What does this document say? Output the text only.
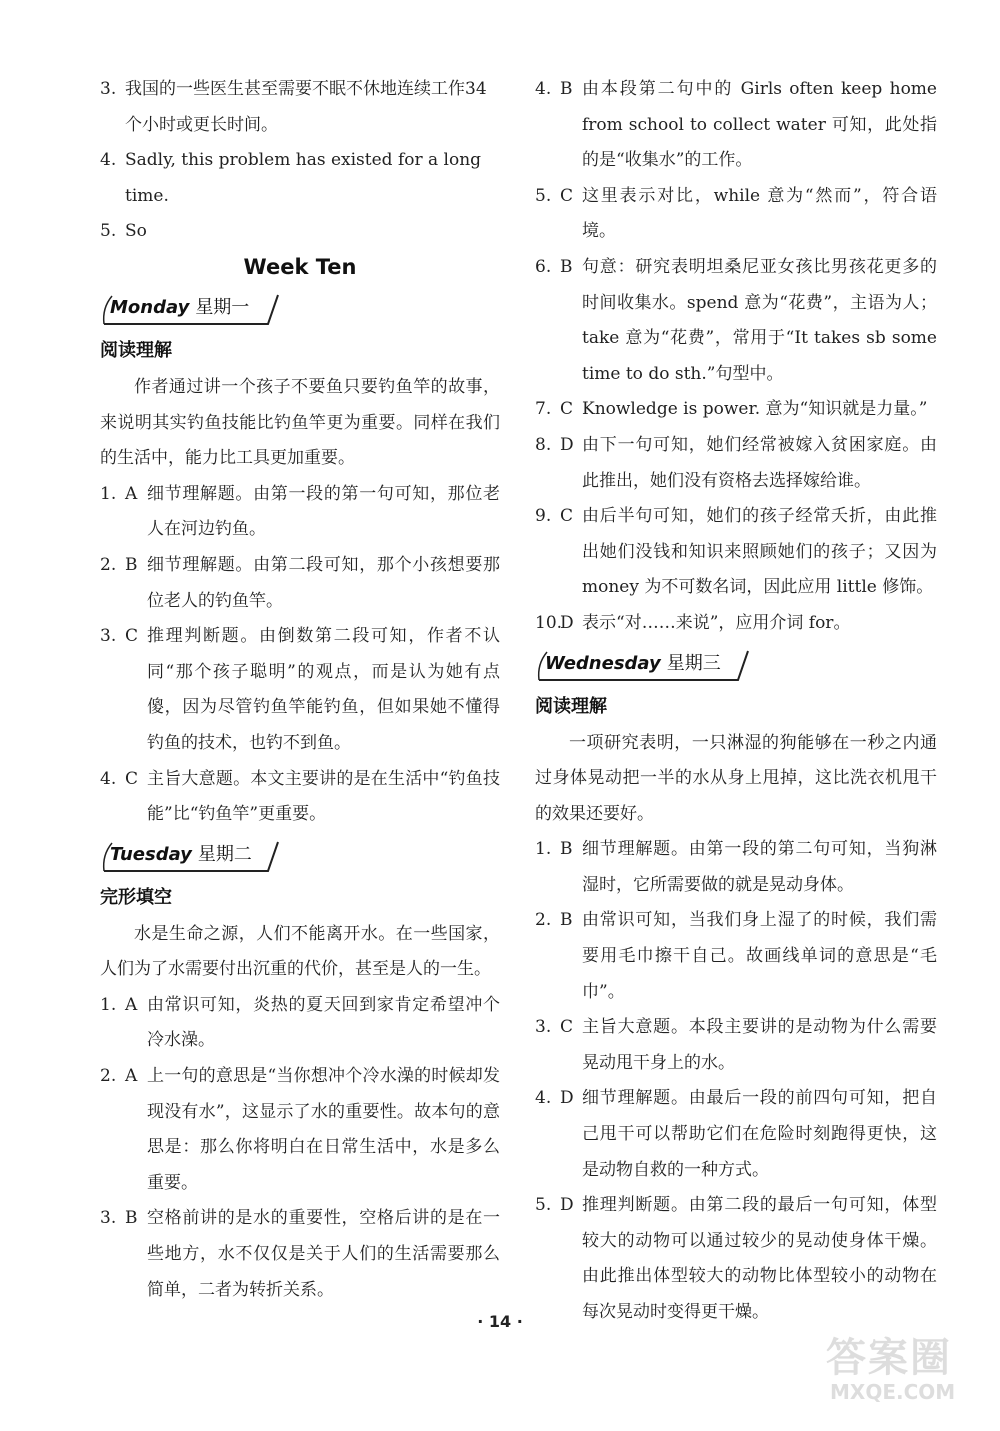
3. 我国的一些医生甚至需要不眠不休地连续工作34个小时或更长时间。
4. Sadly, this problem has existed for a long time.
5. So
Week Ten
Monday 星期一
阅读理解
作者通过讲一个孩子不要鱼只要钓鱼竿的故事，来说明其实钓鱼技能比钓鱼竿更为重要。同样在我们的生活中，能力比工具更加重要。
1. A 细节理解题。由第一段的第一句可知，那位老人在河边钓鱼。
2. B 细节理解题。由第二段可知，那个小孩想要那位老人的钓鱼竿。
3. C 推理判断题。由倒数第二段可知，作者不认同“那个孩子聪明”的观点，而是认为她有点傻，因为尽管钓鱼竿能钓鱼，但如果她不懂得钓鱼的技术，也钓不到鱼。
4. C 主旨大意题。本文主要讲的是在生活中“钓鱼技能”比“钓鱼竿”更重要。
Tuesday 星期二
完形填空
水是生命之源，人们不能离开水。在一些国家，人们为了水需要付出沉重的代价，甚至是人的一生。
1. A 由常识可知，炎热的夏天回到家肯定希望冲个冷水澡。
2. A 上一句的意思是“当你想冲个冷水澡的时候却发现没有水”，这显示了水的重要性。故本句的意思是：那么你将明白在日常生活中，水是多么重要。
3. B 空格前讲的是水的重要性，空格后讲的是在一些地方，水不仅仅是关于人们的生活需要那么简单，二者为转折关系。
4. B 由本段第二句中的 Girls often keep home from school to collect water 可知，此处指的是“收集水”的工作。
5. C 这里表示对比，while 意为“然而”，符合语境。
6. B 句意：研究表明坦桑尼亚女孩比男孩花更多的时间收集水。spend 意为“花费”，主语为人；take 意为“花费”，常用于“It takes sb some time to do sth.”句型中。
7. C Knowledge is power. 意为“知识就是力量。”
8. D 由下一句可知，她们经常被嫁入贫困家庭。由此推出，她们没有资格去选择嫁给谁。
9. C 由后半句可知，她们的孩子经常夭折，由此推出她们没钱和知识来照顾她们的孩子；又因为 money 为不可数名词，因此应用 little 修饰。
10.
D 表示“对……来说”，应用介词 for。
Wednesday 星期三
阅读理解
一项研究表明，一只淋湿的狗能够在一秒之内通过身体晃动把一半的水从身上甩掉，这比洗衣机甩干的效果还要好。
1. B 细节理解题。由第一段的第二句可知，当狗淋湿时，它所需要做的就是晃动身体。
2. B 由常识可知，当我们身上湿了的时候，我们需要用毛巾擦干自己。故画线单词的意思是“毛巾”。
3. C 主旨大意题。本段主要讲的是动物为什么需要晃动甩干身上的水。
4. D 细节理解题。由最后一段的前四句可知，把自己甩干可以帮助它们在危险时刻跑得更快，这是动物自救的一种方式。
5. D 推理判断题。由第二段的最后一句可知，体型较大的动物可以通过较少的晃动使身体干燥。由此推出体型较大的动物比体型较小的动物在每次晃动时变得更干燥。
· 14 ·
答案圈
MXQE.COM
